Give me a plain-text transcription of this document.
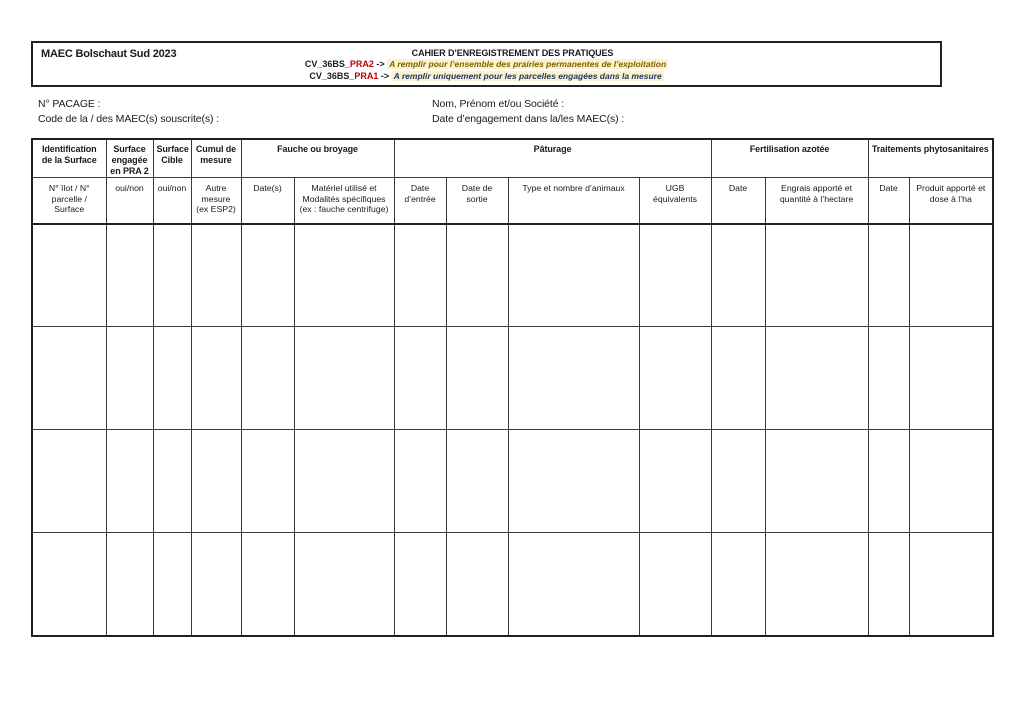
MAEC Bolschaut Sud 2023	CAHIER D’ENREGISTREMENT DES PRATIQUES
CV_36BS_PRA2 -> A remplir pour l’ensemble des prairies permanentes de l’exploitation
CV_36BS_PRA1 -> A remplir uniquement pour les parcelles engagées dans la mesure
N° PACAGE :
Code de la / des MAEC(s) souscrite(s) :
Nom, Prénom et/ou Société :
Date d’engagement dans la/les MAEC(s) :
Identification de la Surface	Surface engagée en PRA 2	Surface Cible	Cumul de mesure	Fauche ou broyage		Pâturage				Fertilisation azotée		Traitements phytosanitaires	
N° îlot / N° parcelle / Surface	oui/non	oui/non	Autre mesure (ex ESP2)	Date(s)	Matériel utilisé et Modalités spécifiques (ex : fauche centrifuge)	Date d’entrée	Date de sortie	Type et nombre d’animaux	UGB équivalents	Date	Engrais apporté et quantité à l’hectare	Date	Produit apporté et dose à l’ha
